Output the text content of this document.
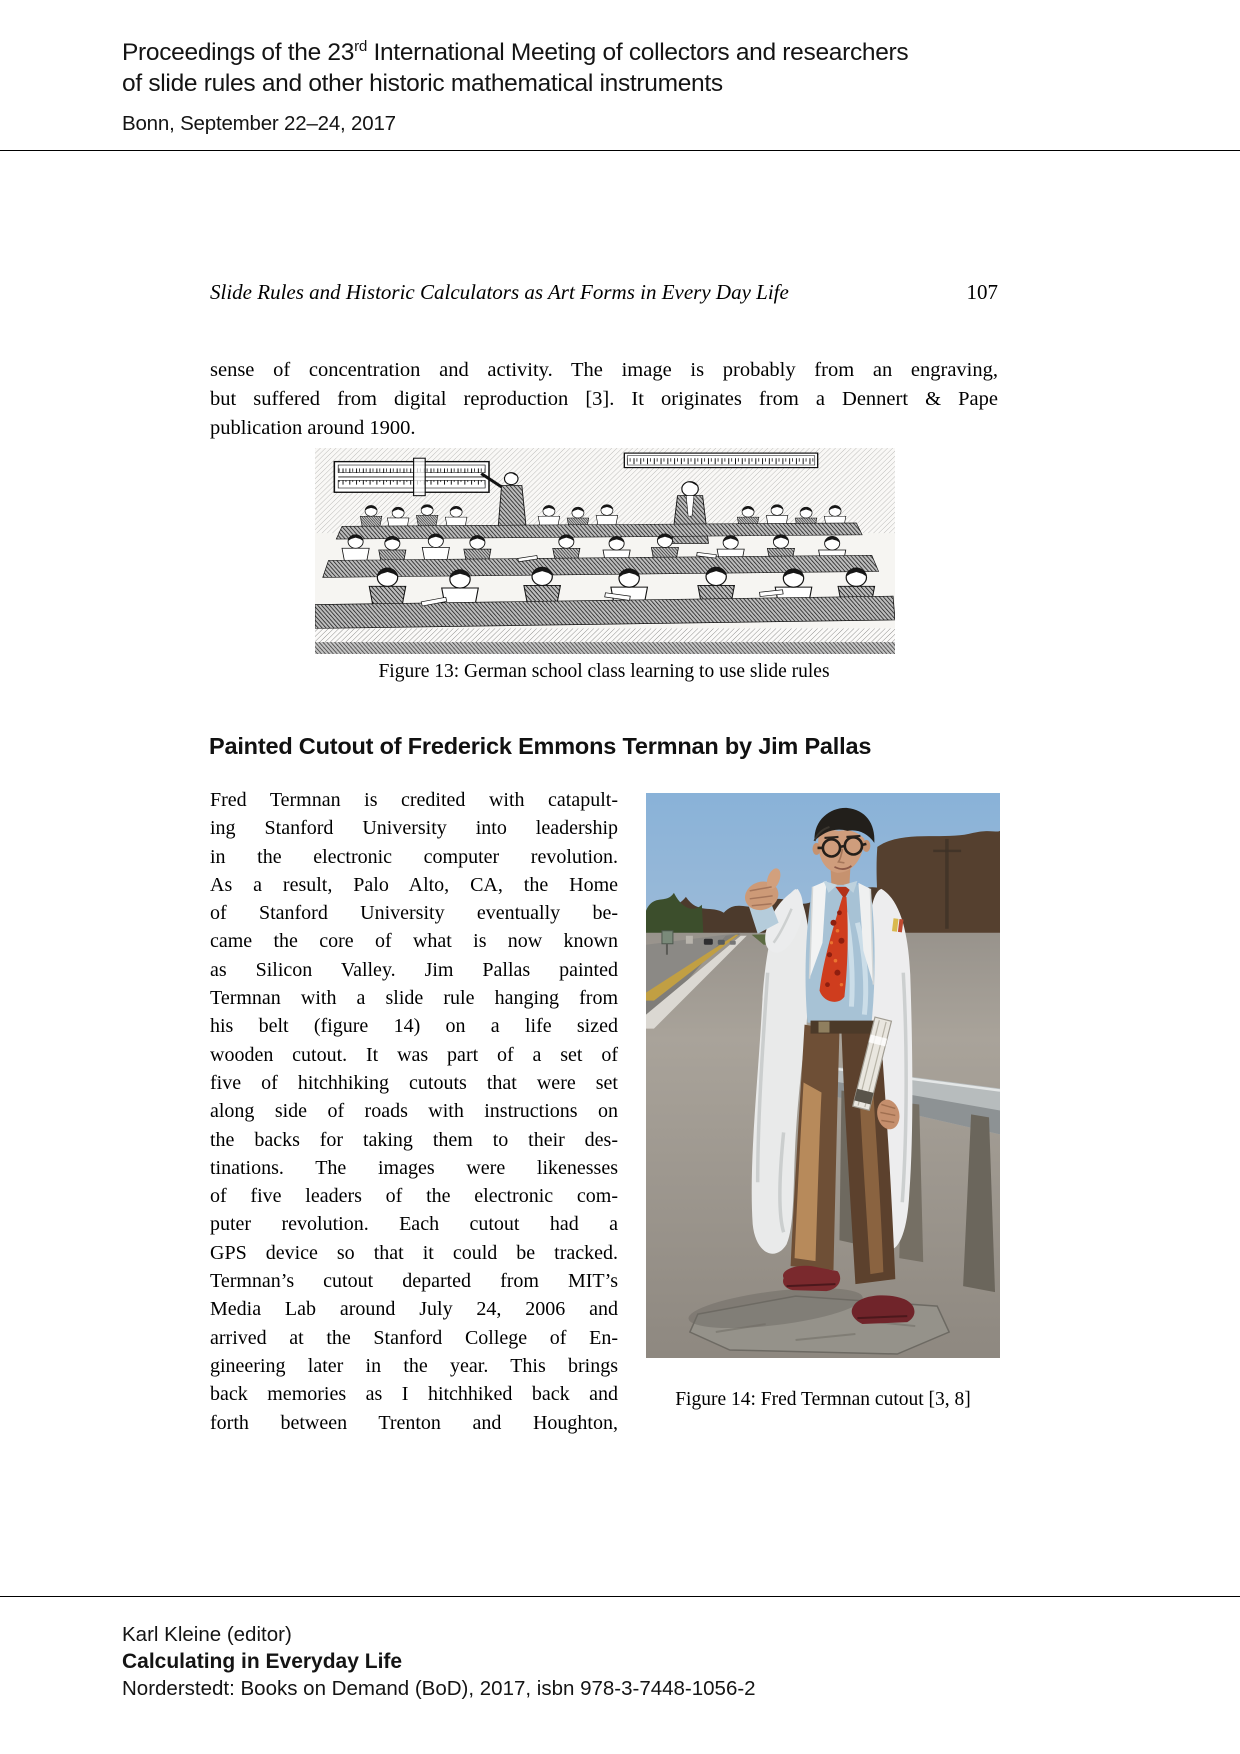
Proceedings of the 23rd International Meeting of collectors and researchers
of slide rules and other historic mathematical instruments
Bonn, September 22–24, 2017
Slide Rules and Historic Calculators as Art Forms in Every Day Life	107
sense of concentration and activity. The image is probably from an engraving,
but suffered from digital reproduction [3]. It originates from a Dennert & Pape
publication around 1900.
Figure 13: German school class learning to use slide rules
Painted Cutout of Frederick Emmons Termnan by Jim Pallas
Fred Termnan is credited with catapult-
ing Stanford University into leadership
in the electronic computer revolution.
As a result, Palo Alto, CA, the Home
of Stanford University eventually be-
came the core of what is now known
as Silicon Valley. Jim Pallas painted
Termnan with a slide rule hanging from
his belt (figure 14) on a life sized
wooden cutout. It was part of a set of
five of hitchhiking cutouts that were set
along side of roads with instructions on
the backs for taking them to their des-
tinations. The images were likenesses
of five leaders of the electronic com-
puter revolution. Each cutout had a
GPS device so that it could be tracked.
Termnan’s cutout departed from MIT’s
Media Lab around July 24, 2006 and
arrived at the Stanford College of En-
gineering later in the year. This brings
back memories as I hitchhiked back and
forth between Trenton and Houghton,
Figure 14: Fred Termnan cutout [3, 8]
Karl Kleine (editor)
Calculating in Everyday Life
Norderstedt: Books on Demand (BoD), 2017, isbn 978-3-7448-1056-2
